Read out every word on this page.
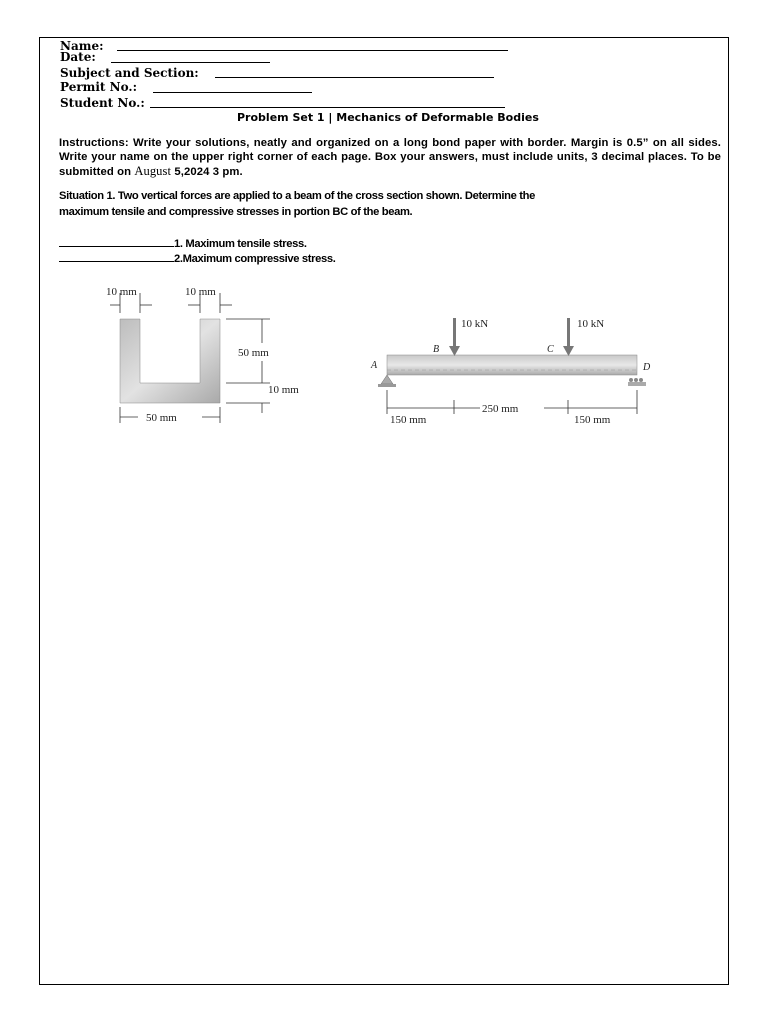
Name:
Date:
Subject and Section:
Permit No.:
Student No.:
Problem Set 1 | Mechanics of Deformable Bodies
Instructions: Write your solutions, neatly and organized on a long bond paper with border. Margin is 0.5” on all sides. Write your name on the upper right corner of each page. Box your answers, must include units, 3 decimal places. To be submitted on August 5,2024 3 pm.
Situation 1. Two vertical forces are applied to a beam of the cross section shown. Determine the
maximum tensile and compressive stresses in portion BC of the beam.
1. Maximum tensile stress.
2.Maximum compressive stress.
10 mm	10 mm
50 mm
10 mm
50 mm
10 kN	10 kN
B	C
A	D
150 mm
250 mm
150 mm
